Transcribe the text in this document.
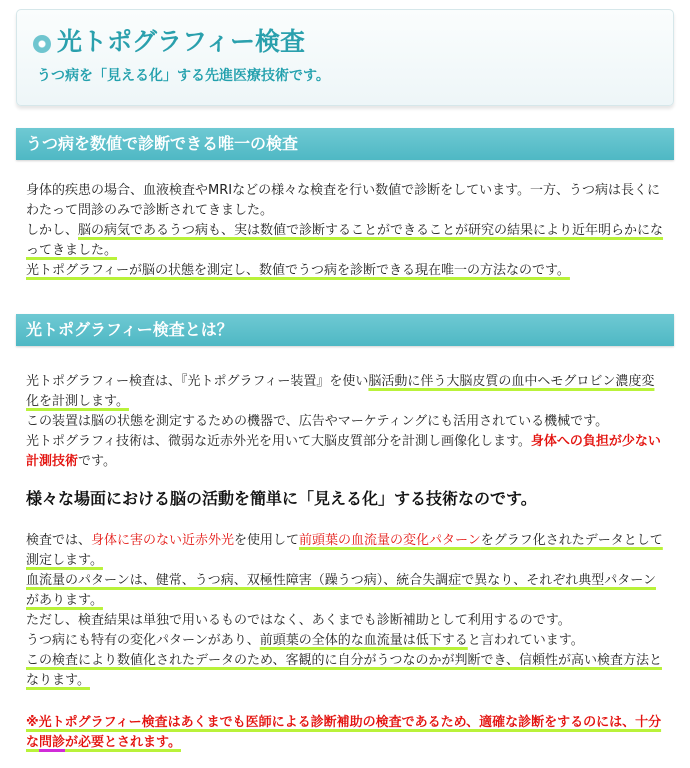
光トポグラフィー検査
うつ病を「見える化」する先進医療技術です。
うつ病を数値で診断できる唯一の検査

身体的疾患の場合、血液検査やMRIなどの様々な検査を行い数値で診断をしています。一方、うつ病は長くにわたって問診のみで診断されてきました。

しかし、脳の病気であるうつ病も、実は数値で診断することができることが研究の結果により近年明らかになってきました。

光トポグラフィーが脳の状態を測定し、数値でうつ病を診断できる現在唯一の方法なのです。

光トポグラフィー検査とは？

光トポグラフィー検査は、『光トポグラフィー装置』を使い脳活動に伴う大脳皮質の血中ヘモグロビン濃度変化を計測します。

この装置は脳の状態を測定するための機器で、広告やマーケティングにも活用されている機械です。

光トポグラフィ技術は、微弱な近赤外光を用いて大脳皮質部分を計測し画像化します。身体への負担が少ない計測技術です。

様々な場面における脳の活動を簡単に「見える化」する技術なのです。

検査では、身体に害のない近赤外光を使用して前頭葉の血流量の変化パターンをグラフ化されたデータとして測定します。

血流量のパターンは、健常、うつ病、双極性障害（躁うつ病）、統合失調症で異なり、それぞれ典型パターンがあります。

ただし、検査結果は単独で用いるものではなく、あくまでも診断補助として利用するのです。

うつ病にも特有の変化パターンがあり、前頭葉の全体的な血流量は低下すると言われています。

この検査により数値化されたデータのため、客観的に自分がうつなのかが判断でき、信頼性が高い検査方法となります。

※光トポグラフィー検査はあくまでも医師による診断補助の検査であるため、適確な診断をするのには、十分な問診が必要とされます。
